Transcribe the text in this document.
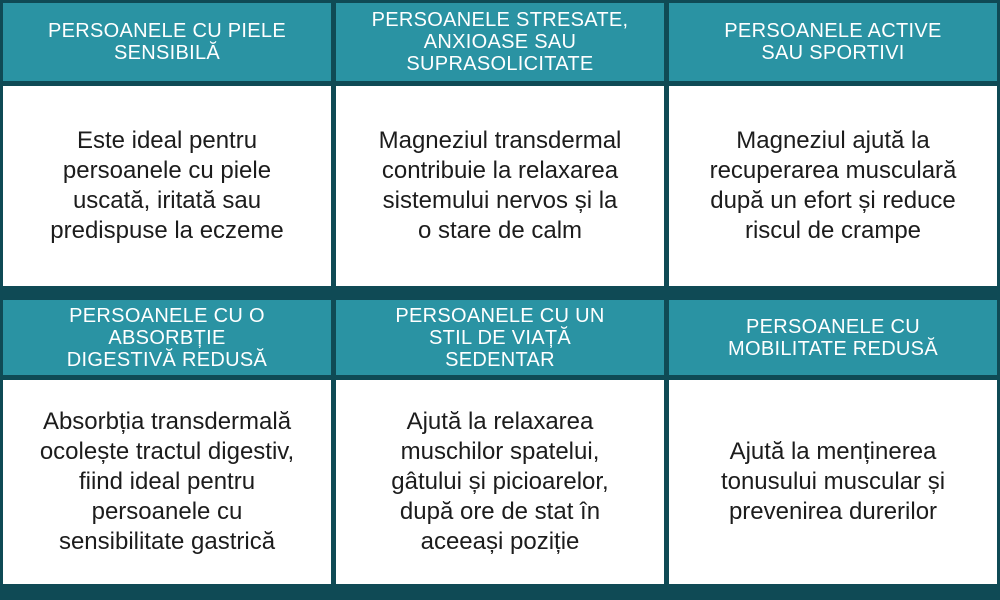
PERSOANELE CU PIELE
SENSIBILĂ
Este ideal pentru
persoanele cu piele
uscată, iritată sau
predispuse la eczeme
PERSOANELE STRESATE,
ANXIOASE SAU
SUPRASOLICITATE
Magneziul transdermal
contribuie la relaxarea
sistemului nervos și la
o stare de calm
PERSOANELE ACTIVE
SAU SPORTIVI
Magneziul ajută la
recuperarea musculară
după un efort și reduce
riscul de crampe
PERSOANELE CU O
ABSORBȚIE
DIGESTIVĂ REDUSĂ
Absorbția transdermală
ocolește tractul digestiv,
fiind ideal pentru
persoanele cu
sensibilitate gastrică
PERSOANELE CU UN
STIL DE VIAȚĂ
SEDENTAR
Ajută la relaxarea
muschilor spatelui,
gâtului și picioarelor,
după ore de stat în
aceeași poziție
PERSOANELE CU
MOBILITATE REDUSĂ
Ajută la menținerea
tonusului muscular și
prevenirea durerilor
